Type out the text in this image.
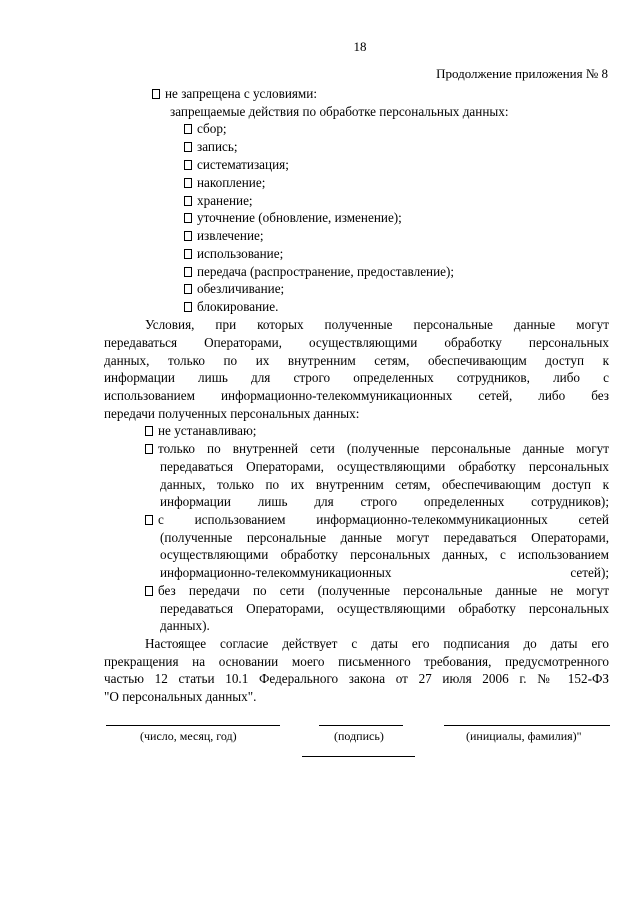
18
Продолжение приложения № 8
не запрещена с условиями:
запрещаемые действия по обработке персональных данных:
сбор;
запись;
систематизация;
накопление;
хранение;
уточнение (обновление, изменение);
извлечение;
использование;
передача (распространение, предоставление);
обезличивание;
блокирование.
Условия, при которых полученные персональные данные могут
передаваться Операторами, осуществляющими обработку персональных
данных, только по их внутренним сетям, обеспечивающим доступ к
информации лишь для строго определенных сотрудников, либо с
использованием информационно-телекоммуникационных сетей, либо без
передачи полученных персональных данных:
не устанавливаю;
только по внутренней сети (полученные персональные данные могут
передаваться Операторами, осуществляющими обработку персональных
данных, только по их внутренним сетям, обеспечивающим доступ к
информации лишь для строго определенных сотрудников);
с использованием информационно-телекоммуникационных сетей
(полученные персональные данные могут передаваться Операторами,
осуществляющими обработку персональных данных, с использованием
информационно-телекоммуникационных сетей);
без передачи по сети (полученные персональные данные не могут
передаваться Операторами, осуществляющими обработку персональных
данных).
Настоящее согласие действует с даты его подписания до даты его
прекращения на основании моего письменного требования, предусмотренного
частью 12 статьи 10.1 Федерального закона от 27 июля 2006 г. № 152-ФЗ
"О персональных данных".
(число, месяц, год)	(подпись)	(инициалы, фамилия)"
